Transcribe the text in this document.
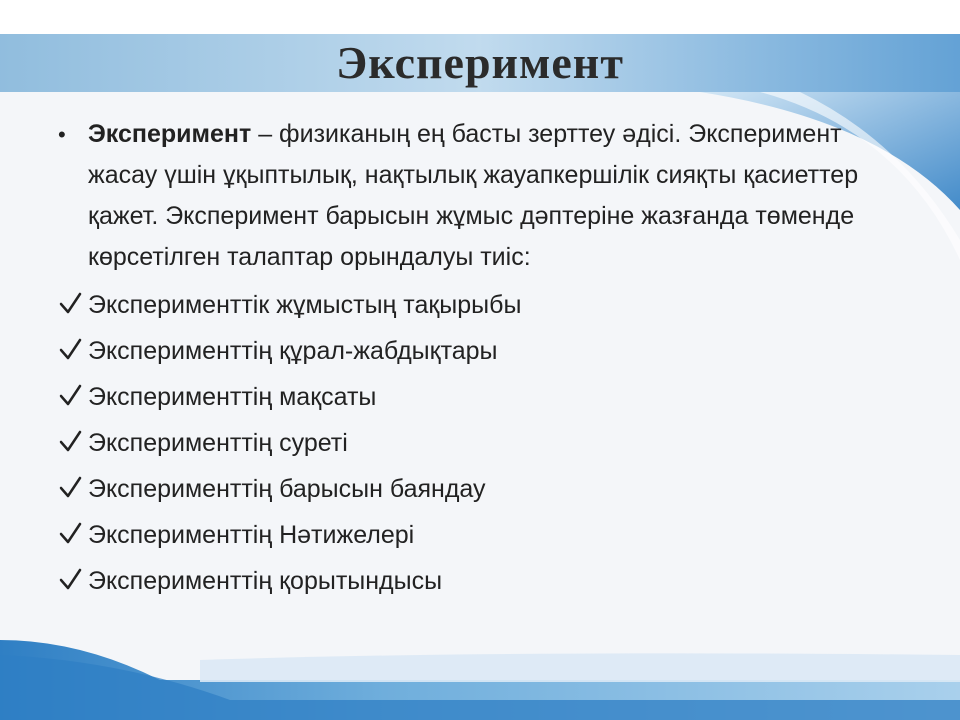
Эксперимент
• Эксперимент – физиканың ең басты зерттеу әдісі. Эксперимент жасау үшін ұқыптылық, нақтылық жауапкершілік сияқты қасиеттер қажет. Эксперимент барысын жұмыс дәптеріне жазғанда төменде көрсетілген талаптар орындалуы тиіс:
Эксперименттік жұмыстың тақырыбы
Эксперименттің құрал-жабдықтары
Эксперименттің мақсаты
Эксперименттің суреті
Эксперименттің барысын баяндау
Эксперименттің Нәтижелері
Эксперименттің қорытындысы
